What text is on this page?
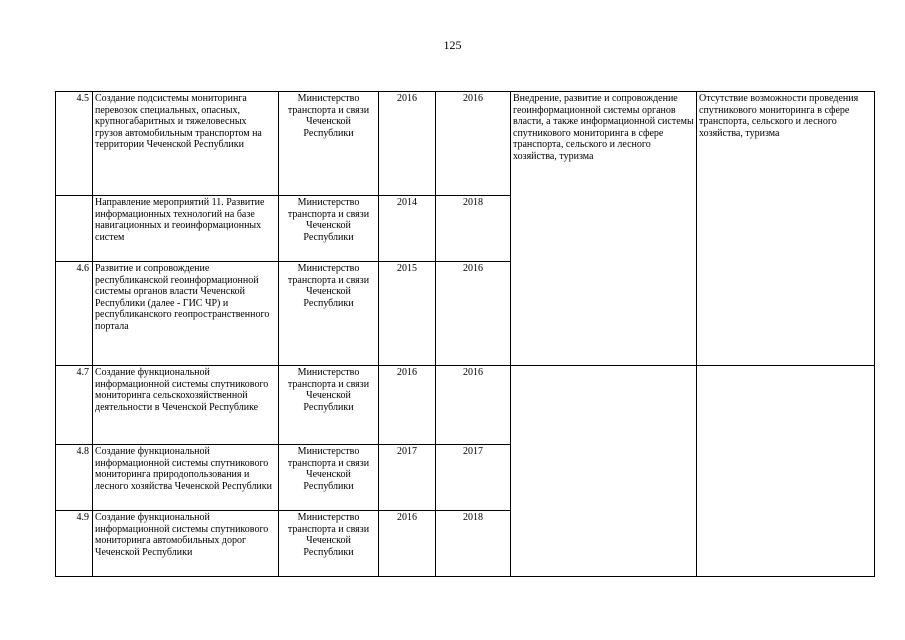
125
4.5	Создание подсистемы мониторинга перевозок специальных, опасных, крупногабаритных и тяжеловесных грузов автомобильным транспортом на территории Чеченской Республики	Министерство транспорта и связи Чеченской Республики	2016	2016	Внедрение, развитие и сопровождение геоинформационной системы органов власти, а также информационной системы спутникового мониторинга в сфере транспорта, сельского и лесного хозяйства, туризма	Отсутствие возможности проведения спутникового мониторинга в сфере транспорта, сельского и лесного хозяйства, туризма
	Направление мероприятий 11. Развитие информационных технологий на базе навигационных и геоинформационных систем	Министерство транспорта и связи Чеченской Республики	2014	2018		
4.6	Развитие и сопровождение республиканской геоинформационной системы органов власти Чеченской Республики (далее - ГИС ЧР) и республиканского геопространственного портала	Министерство транспорта и связи Чеченской Республики	2015	2016		
4.7	Создание функциональной информационной системы спутникового мониторинга сельскохозяйственной деятельности в Чеченской Республике	Министерство транспорта и связи Чеченской Республики	2016	2016		
4.8	Создание функциональной информационной системы спутникового мониторинга природопользования и лесного хозяйства Чеченской Республики	Министерство транспорта и связи Чеченской Республики	2017	2017		
4.9	Создание функциональной информационной системы спутникового мониторинга автомобильных дорог Чеченской Республики	Министерство транспорта и связи Чеченской Республики	2016	2018		
